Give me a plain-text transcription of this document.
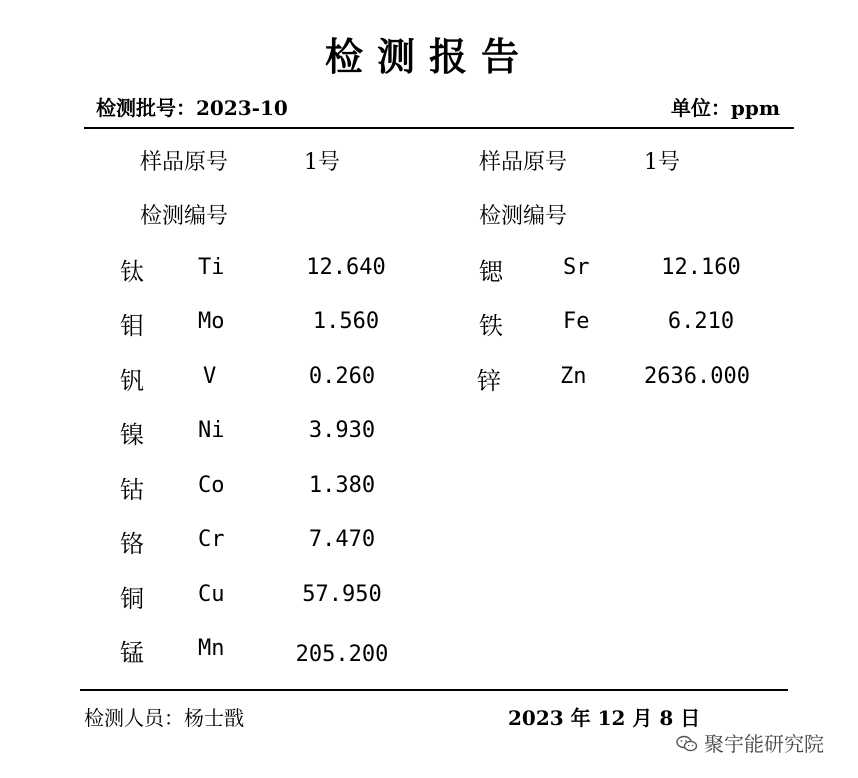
检测报告
检测批号：2023-10	单位：ppm
样品原号	1号
检测编号
样品原号	1号
检测编号
钛 Ti	12.640
钼 Mo	1.560
钒	V	0.260
镍 Ni	3.930
钴 Co	1.380
铬 Cr	7.470
铜 Cu	57.950
锰 Mn	205.200
锶	Sr	12.160
铁	Fe	6.210
锌	Zn	2636.000
检测人员：杨士戬	2023 年 12 月 8 日
聚宇能研究院
